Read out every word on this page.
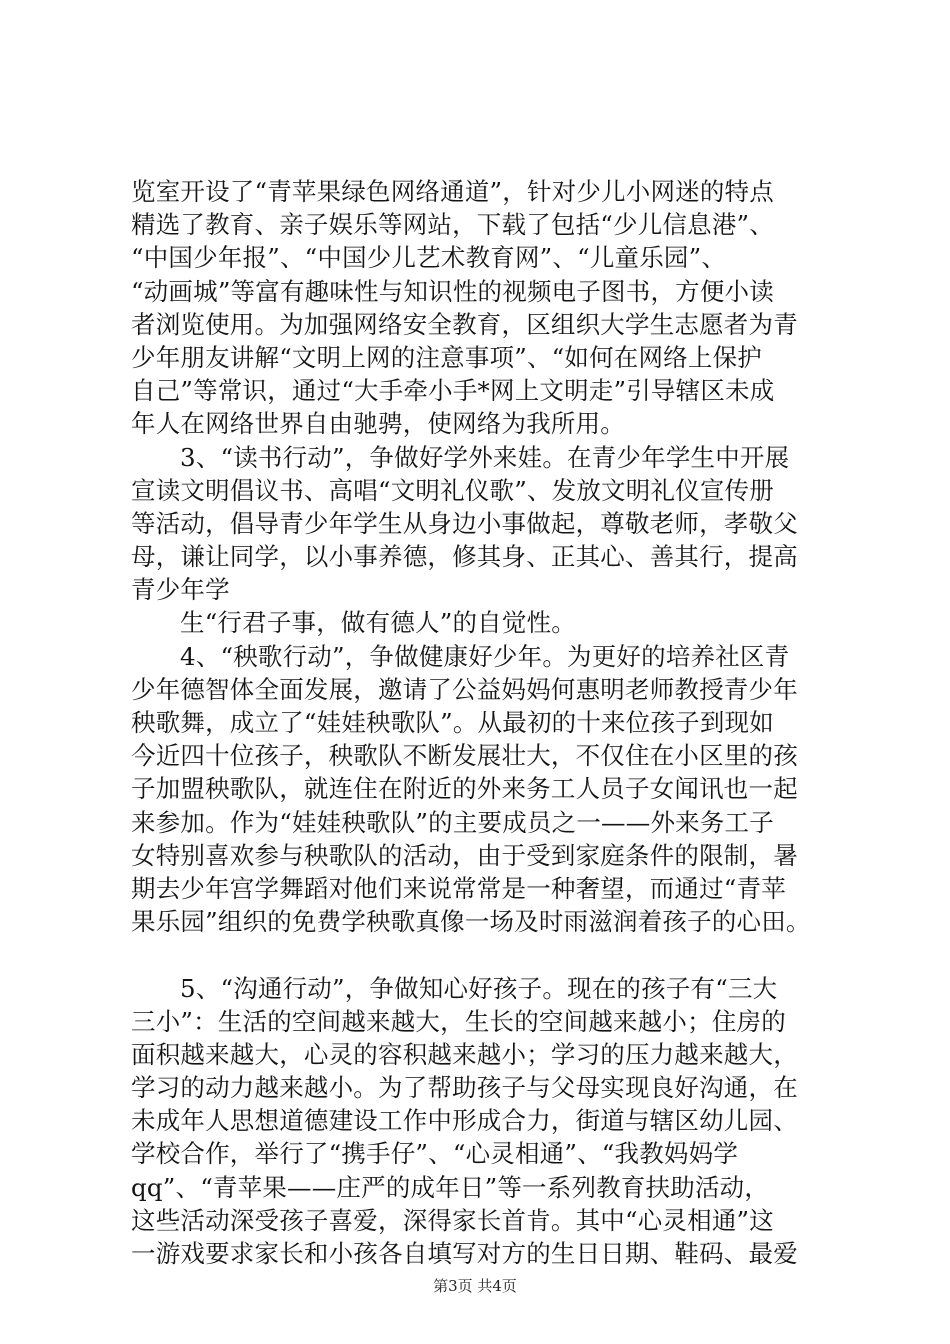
览室开设了“青苹果绿色网络通道”，针对少儿小网迷的特点
精选了教育、亲子娱乐等网站，下载了包括“少儿信息港”、
“中国少年报”、“中国少儿艺术教育网”、“儿童乐园”、
“动画城”等富有趣味性与知识性的视频电子图书，方便小读
者浏览使用。为加强网络安全教育，区组织大学生志愿者为青
少年朋友讲解“文明上网的注意事项”、“如何在网络上保护
自己”等常识，通过“大手牵小手*网上文明走”引导辖区未成
年人在网络世界自由驰骋，使网络为我所用。
3、“读书行动”，争做好学外来娃。在青少年学生中开展
宣读文明倡议书、高唱“文明礼仪歌”、发放文明礼仪宣传册
等活动，倡导青少年学生从身边小事做起，尊敬老师，孝敬父
母，谦让同学，以小事养德，修其身、正其心、善其行，提高
青少年学
生“行君子事，做有德人”的自觉性。
4、“秧歌行动”，争做健康好少年。为更好的培养社区青
少年德智体全面发展，邀请了公益妈妈何惠明老师教授青少年
秧歌舞，成立了“娃娃秧歌队”。从最初的十来位孩子到现如
今近四十位孩子，秧歌队不断发展壮大，不仅住在小区里的孩
子加盟秧歌队，就连住在附近的外来务工人员子女闻讯也一起
来参加。作为“娃娃秧歌队”的主要成员之一——外来务工子
女特别喜欢参与秧歌队的活动，由于受到家庭条件的限制，暑
期去少年宫学舞蹈对他们来说常常是一种奢望，而通过“青苹
果乐园”组织的免费学秧歌真像一场及时雨滋润着孩子的心田。
5、“沟通行动”，争做知心好孩子。现在的孩子有“三大
三小”：生活的空间越来越大，生长的空间越来越小；住房的
面积越来越大，心灵的容积越来越小；学习的压力越来越大，
学习的动力越来越小。为了帮助孩子与父母实现良好沟通，在
未成年人思想道德建设工作中形成合力，街道与辖区幼儿园、
学校合作，举行了“携手仔”、“心灵相通”、“我教妈妈学
qq”、“青苹果——庄严的成年日”等一系列教育扶助活动，
这些活动深受孩子喜爱，深得家长首肯。其中“心灵相通”这
一游戏要求家长和小孩各自填写对方的生日日期、鞋码、最爱
第3页 共4页
